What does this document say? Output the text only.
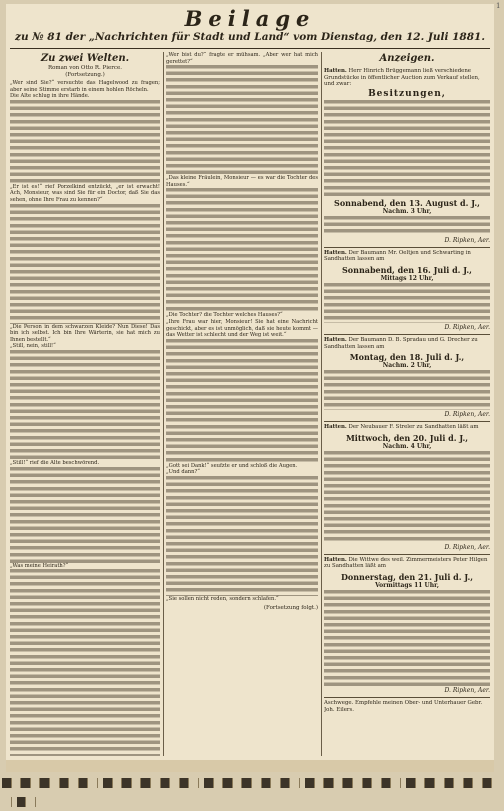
Beilage
zu № 81 der „Nachrichten für Stadt und Land“ vom Dienstag, den 12. Juli 1881.
Zu zwei Welten.
Roman von Otto R. Pierce.
(Fortsetzung.)

„Wer sind Sie?“ versuchte das Hagelwood zu fragen; aber seine Stimme erstarb in einem hohlen Röcheln.

Die Alte schlug in ihre Hände.

„Er ist es!“ rief Porzelkind entzückt, „er ist erwacht! Ach, Monsieur, was sind Sie für ein Doctor, daß Sie das sehen, ohne Ihre Frau zu kennen?“

„Die Person in dem schwarzen Kleide? Nun Diese! Das bin ich selbst. Ich bin Ihre Wärterin, sie hat mich zu Ihnen bestellt.“

„Still, nein, still!“

„Still!“ rief die Alte beschwörend.

„Was meine Heirath?“

„Wer bist du?“ fragte er mühsam. „Aber wer hat mich gerettet?“

„Das kleine Fräulein, Monsieur — es war die Tochter des Hauses.“

„Die Tochter? die Tochter welches Hauses?“

„Ihre Frau war hier, Monsieur! Sie hat eine Nachricht geschickt, aber es ist unmöglich, daß sie heute kommt — das Wetter ist schlecht und der Weg ist weit.“

„Gott sei Dank!“ seufzte er und schloß die Augen.

„Und dann?“

„Sie sollen nicht reden, sondern schlafen.“

(Fortsetzung folgt.)
Anzeigen.

Hatten. Herr Hinrich Brüggemann ließ verschiedene Grundstücke in öffentlicher Auction zum Verkauf stellen, und zwar:

Besitzungen,

Sonnabend, den 13. August d. J.,
Nachm. 3 Uhr,

D. Ripken, Aer.

Hatten. Der Baumann Mr. Oeltjen und Schwarting in Sandhatten lassen am

Sonnabend, den 16. Juli d. J.,
Mittags 12 Uhr,

D. Ripken, Aer.

Hatten. Der Baumann D. B. Spradau und G. Drecher zu Sandhatten lassen am

Montag, den 18. Juli d. J.,
Nachm. 2 Uhr,

D. Ripken, Aer.

Hatten. Der Neubauer F. Streler zu Sandhatten läßt am

Mittwoch, den 20. Juli d. J.,
Nachm. 4 Uhr,

D. Ripken, Aer.

Hatten. Die Wittwe des weil. Zimmermeisters Peter Hilgen zu Sandhatten läßt am

Donnerstag, den 21. Juli d. J.,
Vormittags 11 Uhr,

D. Ripken, Aer.

Aschwege. Empfehle meinen Ober- und Unterhauer Gebr. Joh. Eilers.

1
